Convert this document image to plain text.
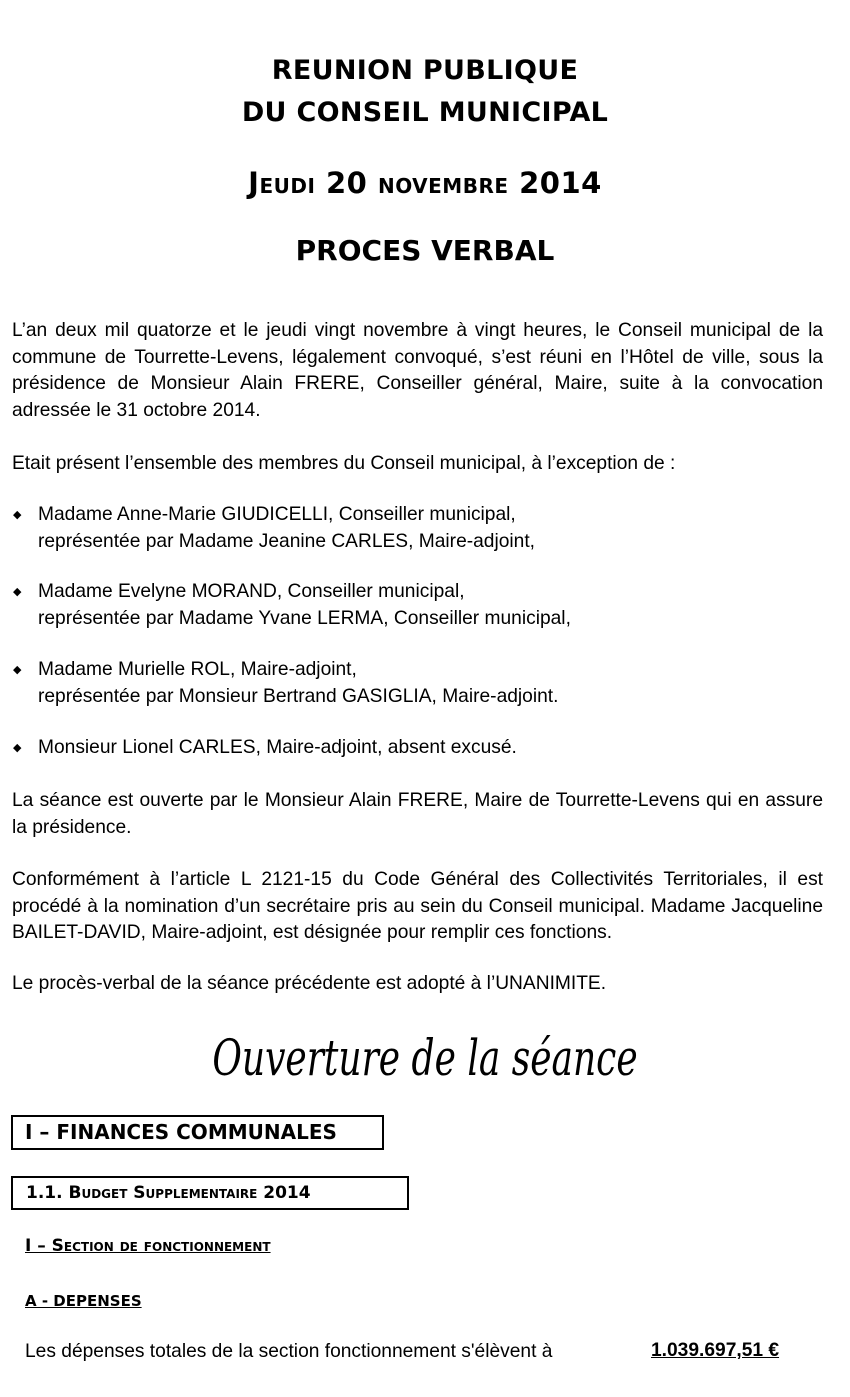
REUNION PUBLIQUE
DU CONSEIL MUNICIPAL
Jeudi 20 novembre 2014
PROCES VERBAL
L’an deux mil quatorze et le jeudi vingt novembre à vingt heures, le Conseil municipal de la commune de Tourrette-Levens, légalement convoqué, s’est réuni en l’Hôtel de ville, sous la présidence de Monsieur Alain FRERE, Conseiller général, Maire, suite à la convocation adressée le 31 octobre 2014.
Etait présent l’ensemble des membres du Conseil municipal, à l’exception de :
◆ Madame Anne-Marie GIUDICELLI, Conseiller municipal,
représentée par Madame Jeanine CARLES, Maire-adjoint,
◆ Madame Evelyne MORAND, Conseiller municipal,
représentée par Madame Yvane LERMA, Conseiller municipal,
◆ Madame Murielle ROL, Maire-adjoint,
représentée par Monsieur Bertrand GASIGLIA, Maire-adjoint.
◆ Monsieur Lionel CARLES, Maire-adjoint, absent excusé.
La séance est ouverte par le Monsieur Alain FRERE, Maire de Tourrette-Levens qui en assure la présidence.
Conformément à l’article L 2121-15 du Code Général des Collectivités Territoriales, il est procédé à la nomination d’un secrétaire pris au sein du Conseil municipal. Madame Jacqueline BAILET-DAVID, Maire-adjoint, est désignée pour remplir ces fonctions.
Le procès-verbal de la séance précédente est adopté à l’UNANIMITE.
Ouverture de la séance
I – FINANCES COMMUNALES
1.1. Budget Supplementaire 2014
I – Section de fonctionnement
A - DEPENSES
Les dépenses totales de la section fonctionnement s'élèvent à	1.039.697,51 €
